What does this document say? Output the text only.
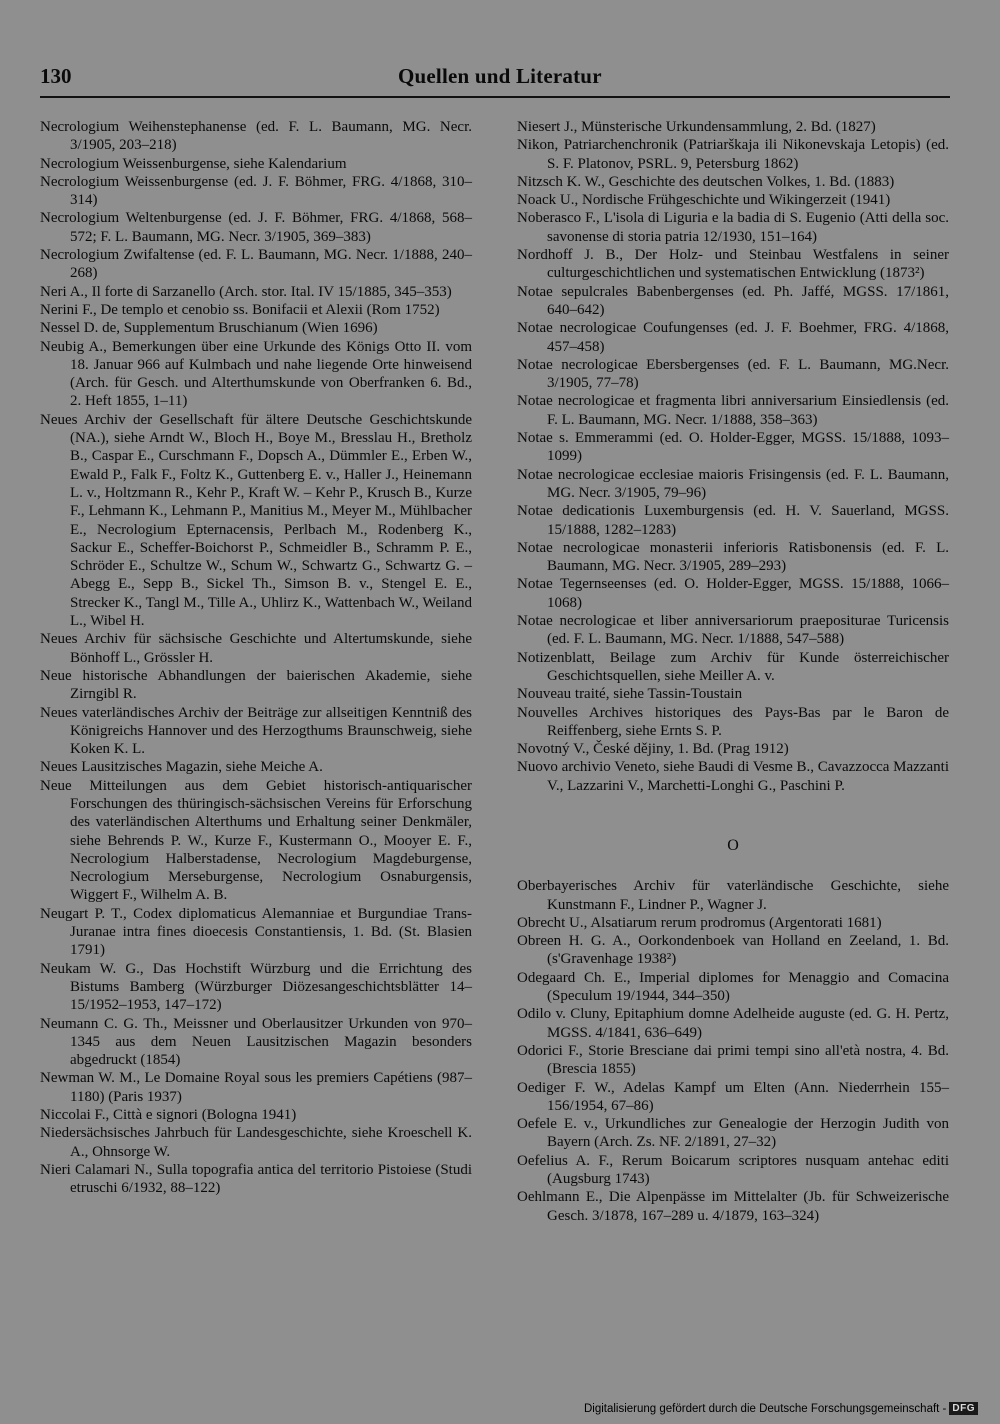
130	Quellen und Literatur

Necrologium Weihenstephanense (ed. F. L. Baumann, MG. Necr. 3/1905, 203–218)

Necrologium Weissenburgense, siehe Kalendarium

Necrologium Weissenburgense (ed. J. F. Böhmer, FRG. 4/1868, 310–314)

Necrologium Weltenburgense (ed. J. F. Böhmer, FRG. 4/1868, 568–572; F. L. Baumann, MG. Necr. 3/1905, 369–383)

Necrologium Zwifaltense (ed. F. L. Baumann, MG. Necr. 1/1888, 240–268)

Neri A., Il forte di Sarzanello (Arch. stor. Ital. IV 15/1885, 345–353)

Nerini F., De templo et cenobio ss. Bonifacii et Alexii (Rom 1752)

Nessel D. de, Supplementum Bruschianum (Wien 1696)

Neubig A., Bemerkungen über eine Urkunde des Königs Otto II. vom 18. Januar 966 auf Kulmbach und nahe liegende Orte hinweisend (Arch. für Gesch. und Alterthumskunde von Oberfranken 6. Bd., 2. Heft 1855, 1–11)

Neues Archiv der Gesellschaft für ältere Deutsche Geschichtskunde (NA.), siehe Arndt W., Bloch H., Boye M., Bresslau H., Bretholz B., Caspar E., Curschmann F., Dopsch A., Dümmler E., Erben W., Ewald P., Falk F., Foltz K., Guttenberg E. v., Haller J., Heinemann L. v., Holtzmann R., Kehr P., Kraft W. – Kehr P., Krusch B., Kurze F., Lehmann K., Lehmann P., Manitius M., Meyer M., Mühlbacher E., Necrologium Epternacensis, Perlbach M., Rodenberg K., Sackur E., Scheffer-Boichorst P., Schmeidler B., Schramm P. E., Schröder E., Schultze W., Schum W., Schwartz G., Schwartz G. – Abegg E., Sepp B., Sickel Th., Simson B. v., Stengel E. E., Strecker K., Tangl M., Tille A., Uhlirz K., Wattenbach W., Weiland L., Wibel H.

Neues Archiv für sächsische Geschichte und Altertumskunde, siehe Bönhoff L., Grössler H.

Neue historische Abhandlungen der baierischen Akademie, siehe Zirngibl R.

Neues vaterländisches Archiv der Beiträge zur allseitigen Kenntniß des Königreichs Hannover und des Herzogthums Braunschweig, siehe Koken K. L.

Neues Lausitzisches Magazin, siehe Meiche A.

Neue Mitteilungen aus dem Gebiet historisch-antiquarischer Forschungen des thüringisch-sächsischen Vereins für Erforschung des vaterländischen Alterthums und Erhaltung seiner Denkmäler, siehe Behrends P. W., Kurze F., Kustermann O., Mooyer E. F., Necrologium Halberstadense, Necrologium Magdeburgense, Necrologium Merseburgense, Necrologium Osnaburgensis, Wiggert F., Wilhelm A. B.

Neugart P. T., Codex diplomaticus Alemanniae et Burgundiae Trans-Juranae intra fines dioecesis Constantiensis, 1. Bd. (St. Blasien 1791)

Neukam W. G., Das Hochstift Würzburg und die Errichtung des Bistums Bamberg (Würzburger Diözesangeschichtsblätter 14–15/1952–1953, 147–172)

Neumann C. G. Th., Meissner und Oberlausitzer Urkunden von 970–1345 aus dem Neuen Lausitzischen Magazin besonders abgedruckt (1854)

Newman W. M., Le Domaine Royal sous les premiers Capétiens (987–1180) (Paris 1937)

Niccolai F., Città e signori (Bologna 1941)

Niedersächsisches Jahrbuch für Landesgeschichte, siehe Kroeschell K. A., Ohnsorge W.

Nieri Calamari N., Sulla topografia antica del territorio Pistoiese (Studi etruschi 6/1932, 88–122)

Niesert J., Münsterische Urkundensammlung, 2. Bd. (1827)

Nikon, Patriarchenchronik (Patriarškaja ili Nikonevskaja Letopis) (ed. S. F. Platonov, PSRL. 9, Petersburg 1862)

Nitzsch K. W., Geschichte des deutschen Volkes, 1. Bd. (1883)

Noack U., Nordische Frühgeschichte und Wikingerzeit (1941)

Noberasco F., L'isola di Liguria e la badia di S. Eugenio (Atti della soc. savonense di storia patria 12/1930, 151–164)

Nordhoff J. B., Der Holz- und Steinbau Westfalens in seiner culturgeschichtlichen und systematischen Entwicklung (1873²)

Notae sepulcrales Babenbergenses (ed. Ph. Jaffé, MGSS. 17/1861, 640–642)

Notae necrologicae Coufungenses (ed. J. F. Boehmer, FRG. 4/1868, 457–458)

Notae necrologicae Ebersbergenses (ed. F. L. Baumann, MG.Necr. 3/1905, 77–78)

Notae necrologicae et fragmenta libri anniversarium Einsiedlensis (ed. F. L. Baumann, MG. Necr. 1/1888, 358–363)

Notae s. Emmerammi (ed. O. Holder-Egger, MGSS. 15/1888, 1093–1099)

Notae necrologicae ecclesiae maioris Frisingensis (ed. F. L. Baumann, MG. Necr. 3/1905, 79–96)

Notae dedicationis Luxemburgensis (ed. H. V. Sauerland, MGSS. 15/1888, 1282–1283)

Notae necrologicae monasterii inferioris Ratisbonensis (ed. F. L. Baumann, MG. Necr. 3/1905, 289–293)

Notae Tegernseenses (ed. O. Holder-Egger, MGSS. 15/1888, 1066–1068)

Notae necrologicae et liber anniversariorum praepositurae Turicensis (ed. F. L. Baumann, MG. Necr. 1/1888, 547–588)

Notizenblatt, Beilage zum Archiv für Kunde österreichischer Geschichtsquellen, siehe Meiller A. v.

Nouveau traité, siehe Tassin-Toustain

Nouvelles Archives historiques des Pays-Bas par le Baron de Reiffenberg, siehe Ernts S. P.

Novotný V., České dějiny, 1. Bd. (Prag 1912)

Nuovo archivio Veneto, siehe Baudi di Vesme B., Cavazzocca Mazzanti V., Lazzarini V., Marchetti-Longhi G., Paschini P.

O

Oberbayerisches Archiv für vaterländische Geschichte, siehe Kunstmann F., Lindner P., Wagner J.

Obrecht U., Alsatiarum rerum prodromus (Argentorati 1681)

Obreen H. G. A., Oorkondenboek van Holland en Zeeland, 1. Bd. (s'Gravenhage 1938²)

Odegaard Ch. E., Imperial diplomes for Menaggio and Comacina (Speculum 19/1944, 344–350)

Odilo v. Cluny, Epitaphium domne Adelheide auguste (ed. G. H. Pertz, MGSS. 4/1841, 636–649)

Odorici F., Storie Bresciane dai primi tempi sino all'età nostra, 4. Bd. (Brescia 1855)

Oediger F. W., Adelas Kampf um Elten (Ann. Niederrhein 155–156/1954, 67–86)

Oefele E. v., Urkundliches zur Genealogie der Herzogin Judith von Bayern (Arch. Zs. NF. 2/1891, 27–32)

Oefelius A. F., Rerum Boicarum scriptores nusquam antehac editi (Augsburg 1743)

Oehlmann E., Die Alpenpässe im Mittelalter (Jb. für Schweizerische Gesch. 3/1878, 167–289 u. 4/1879, 163–324)

Digitalisierung gefördert durch die Deutsche Forschungsgemeinschaft - DFG
